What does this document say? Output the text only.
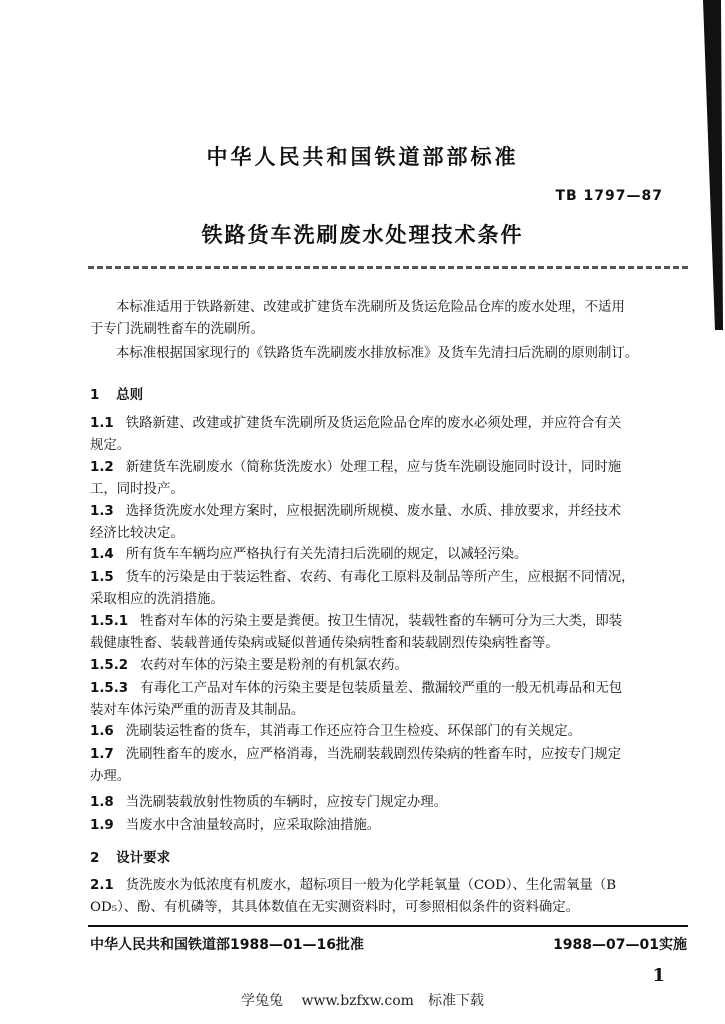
中华人民共和国铁道部部标准
TB 1797—87
铁路货车洗刷废水处理技术条件
本标准适用于铁路新建、改建或扩建货车洗刷所及货运危险品仓库的废水处理，不适用
于专门洗刷牲畜车的洗刷所。
本标准根据国家现行的《铁路货车洗刷废水排放标准》及货车先清扫后洗刷的原则制订。
1 总则
1.1 铁路新建、改建或扩建货车洗刷所及货运危险品仓库的废水必须处理，并应符合有关
规定。
1.2 新建货车洗刷废水（简称货洗废水）处理工程，应与货车洗刷设施同时设计，同时施
工，同时投产。
1.3 选择货洗废水处理方案时，应根据洗刷所规模、废水量、水质、排放要求，并经技术
经济比较决定。
1.4 所有货车车辆均应严格执行有关先清扫后洗刷的规定，以减轻污染。
1.5 货车的污染是由于装运牲畜、农药、有毒化工原料及制品等所产生，应根据不同情况，
采取相应的洗消措施。
1.5.1 牲畜对车体的污染主要是粪便。按卫生情况，装载牲畜的车辆可分为三大类，即装
载健康牲畜、装载普通传染病或疑似普通传染病牲畜和装载剧烈传染病牲畜等。
1.5.2 农药对车体的污染主要是粉剂的有机氯农药。
1.5.3 有毒化工产品对车体的污染主要是包装质量差、撒漏较严重的一般无机毒品和无包
装对车体污染严重的沥青及其制品。
1.6 洗刷装运牲畜的货车，其消毒工作还应符合卫生检疫、环保部门的有关规定。
1.7 洗刷牲畜车的废水，应严格消毒，当洗刷装载剧烈传染病的牲畜车时，应按专门规定
办理。
1.8 当洗刷装载放射性物质的车辆时，应按专门规定办理。
1.9 当废水中含油量较高时，应采取除油措施。
2 设计要求
2.1 货洗废水为低浓度有机废水，超标项目一般为化学耗氧量（COD）、生化需氧量（B
OD₅）、酚、有机磷等，其具体数值在无实测资料时，可参照相似条件的资料确定。
中华人民共和国铁道部1988—01—16批准	1988—07—01实施
1
学兔兔　 www.bzfxw.com　标准下载
